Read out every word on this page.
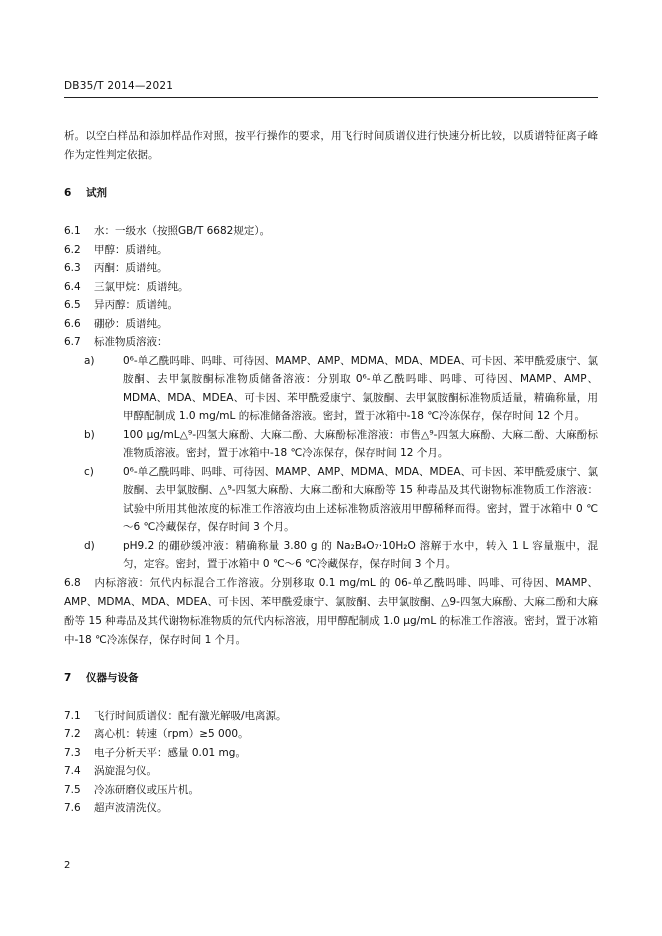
DB35/T 2014—2021

析。以空白样品和添加样品作对照，按平行操作的要求，用飞行时间质谱仪进行快速分析比较，以质谱特征离子峰作为定性判定依据。

6 试剂
6.1 水：一级水（按照GB/T 6682规定）。
6.2 甲醇：质谱纯。
6.3 丙酮：质谱纯。
6.4 三氯甲烷：质谱纯。
6.5 异丙醇：质谱纯。
6.6 硼砂：质谱纯。
6.7 标准物质溶液：
a)	0⁶-单乙酰吗啡、吗啡、可待因、MAMP、AMP、MDMA、MDA、MDEA、可卡因、苯甲酰爱康宁、氯胺酮、去甲氯胺酮标准物质储备溶液：分别取 0⁶-单乙酰吗啡、吗啡、可待因、MAMP、AMP、MDMA、MDA、MDEA、可卡因、苯甲酰爱康宁、氯胺酮、去甲氯胺酮标准物质适量，精确称量，用甲醇配制成 1.0 mg/mL 的标准储备溶液。密封，置于冰箱中-18 ℃冷冻保存，保存时间 12 个月。
b)	100 μg/mL△⁹-四氢大麻酚、大麻二酚、大麻酚标准溶液：市售△⁹-四氢大麻酚、大麻二酚、大麻酚标准物质溶液。密封，置于冰箱中-18 ℃冷冻保存，保存时间 12 个月。
c)	0⁶-单乙酰吗啡、吗啡、可待因、MAMP、AMP、MDMA、MDA、MDEA、可卡因、苯甲酰爱康宁、氯胺酮、去甲氯胺酮、△⁹-四氢大麻酚、大麻二酚和大麻酚等 15 种毒品及其代谢物标准物质工作溶液：试验中所用其他浓度的标准工作溶液均由上述标准物质溶液用甲醇稀释而得。密封，置于冰箱中 0 ℃～6 ℃冷藏保存，保存时间 3 个月。
d)	pH9.2 的硼砂缓冲液：精确称量 3.80 g 的 Na₂B₄O₇·10H₂O 溶解于水中，转入 1 L 容量瓶中，混匀，定容。密封，置于冰箱中 0 ℃～6 ℃冷藏保存，保存时间 3 个月。

6.8 内标溶液：氘代内标混合工作溶液。分别移取 0.1 mg/mL 的 06-单乙酰吗啡、吗啡、可待因、MAMP、AMP、MDMA、MDA、MDEA、可卡因、苯甲酰爱康宁、氯胺酮、去甲氯胺酮、△9-四氢大麻酚、大麻二酚和大麻酚等 15 种毒品及其代谢物标准物质的氘代内标溶液，用甲醇配制成 1.0 μg/mL 的标准工作溶液。密封，置于冰箱中-18 ℃冷冻保存，保存时间 1 个月。

7 仪器与设备
7.1 飞行时间质谱仪：配有激光解吸/电离源。
7.2 离心机：转速（rpm）≥5 000。
7.3 电子分析天平：感量 0.01 mg。
7.4 涡旋混匀仪。
7.5 冷冻研磨仪或压片机。
7.6 超声波清洗仪。
2
